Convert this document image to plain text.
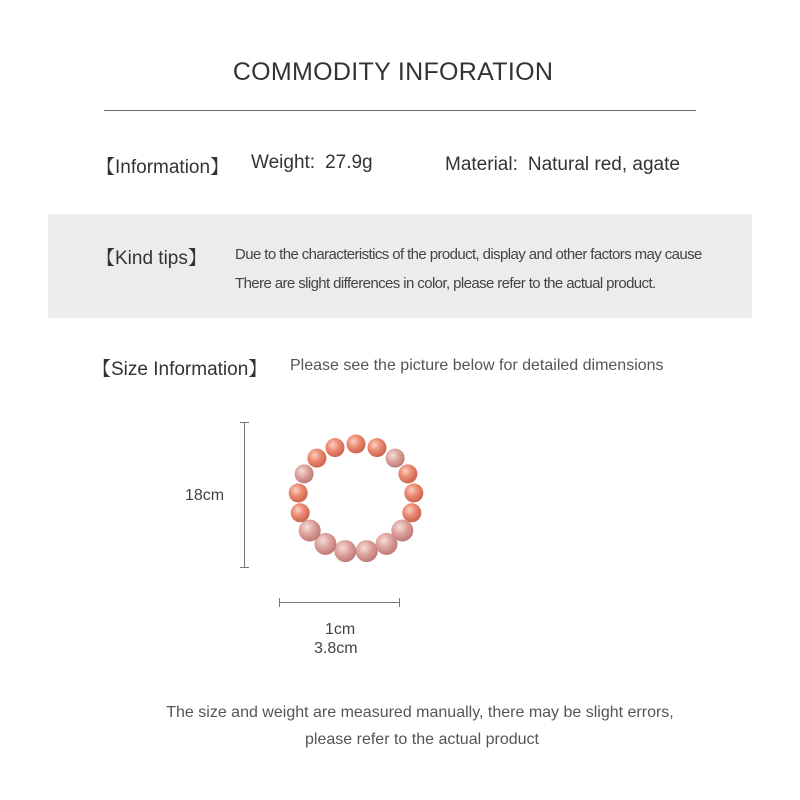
COMMODITY INFORATION
【Information】 Weight: 27.9g	Material: Natural red, agate
【Kind tips】 Due to the characteristics of the product, display and other factors may cause
There are slight differences in color, please refer to the actual product.
【Size Information】 Please see the picture below for detailed dimensions
18cm
1cm
3.8cm
The size and weight are measured manually, there may be slight errors,
please refer to the actual product
